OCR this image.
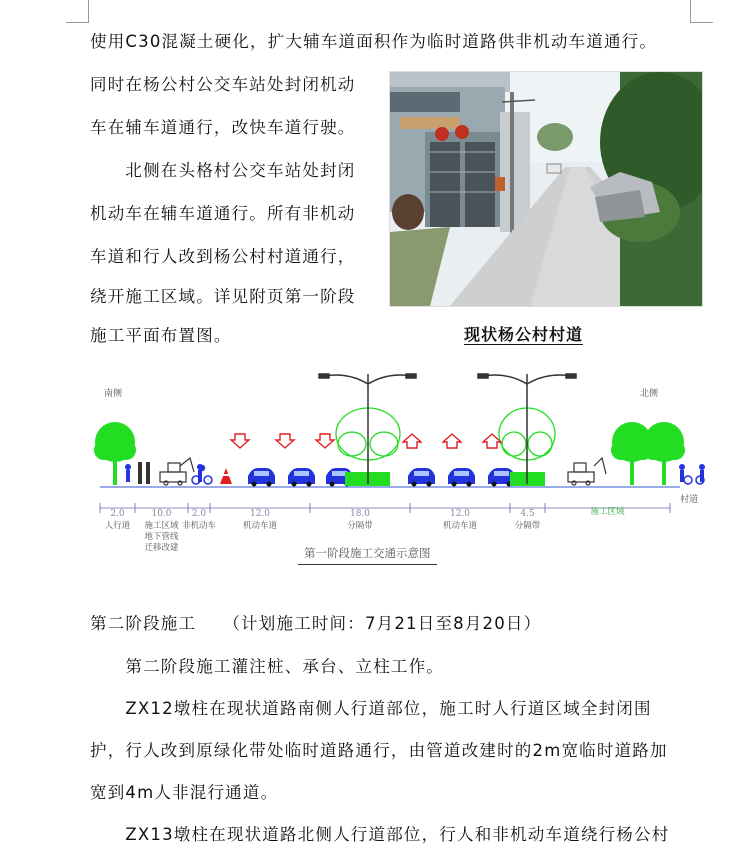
使用C30混凝土硬化，扩大辅车道面积作为临时道路供非机动车道通行。
同时在杨公村公交车站处封闭机动
车在辅车道通行，改快车道行驶。
　　北侧在头格村公交车站处封闭
机动车在辅车道通行。所有非机动
车道和行人改到杨公村村道通行，
绕开施工区域。详见附页第一阶段
施工平面布置图。	现状杨公村村道
南侧	北侧
2.0
人行道
10.0
施工区域
地下管线
迁移改建
2.0
非机动车
12.0
机动车道
18.0
分隔带
12.0
机动车道
4.5
分隔带
施工区域
村道
第一阶段施工交通示意图
第二阶段施工　　（计划施工时间：7月21日至8月20日）
　　第二阶段施工灌注桩、承台、立柱工作。
　　ZX12墩柱在现状道路南侧人行道部位，施工时人行道区域全封闭围
护，行人改到原绿化带处临时道路通行，由管道改建时的2m宽临时道路加
宽到4m人非混行通道。
　　ZX13墩柱在现状道路北侧人行道部位，行人和非机动车道绕行杨公村
